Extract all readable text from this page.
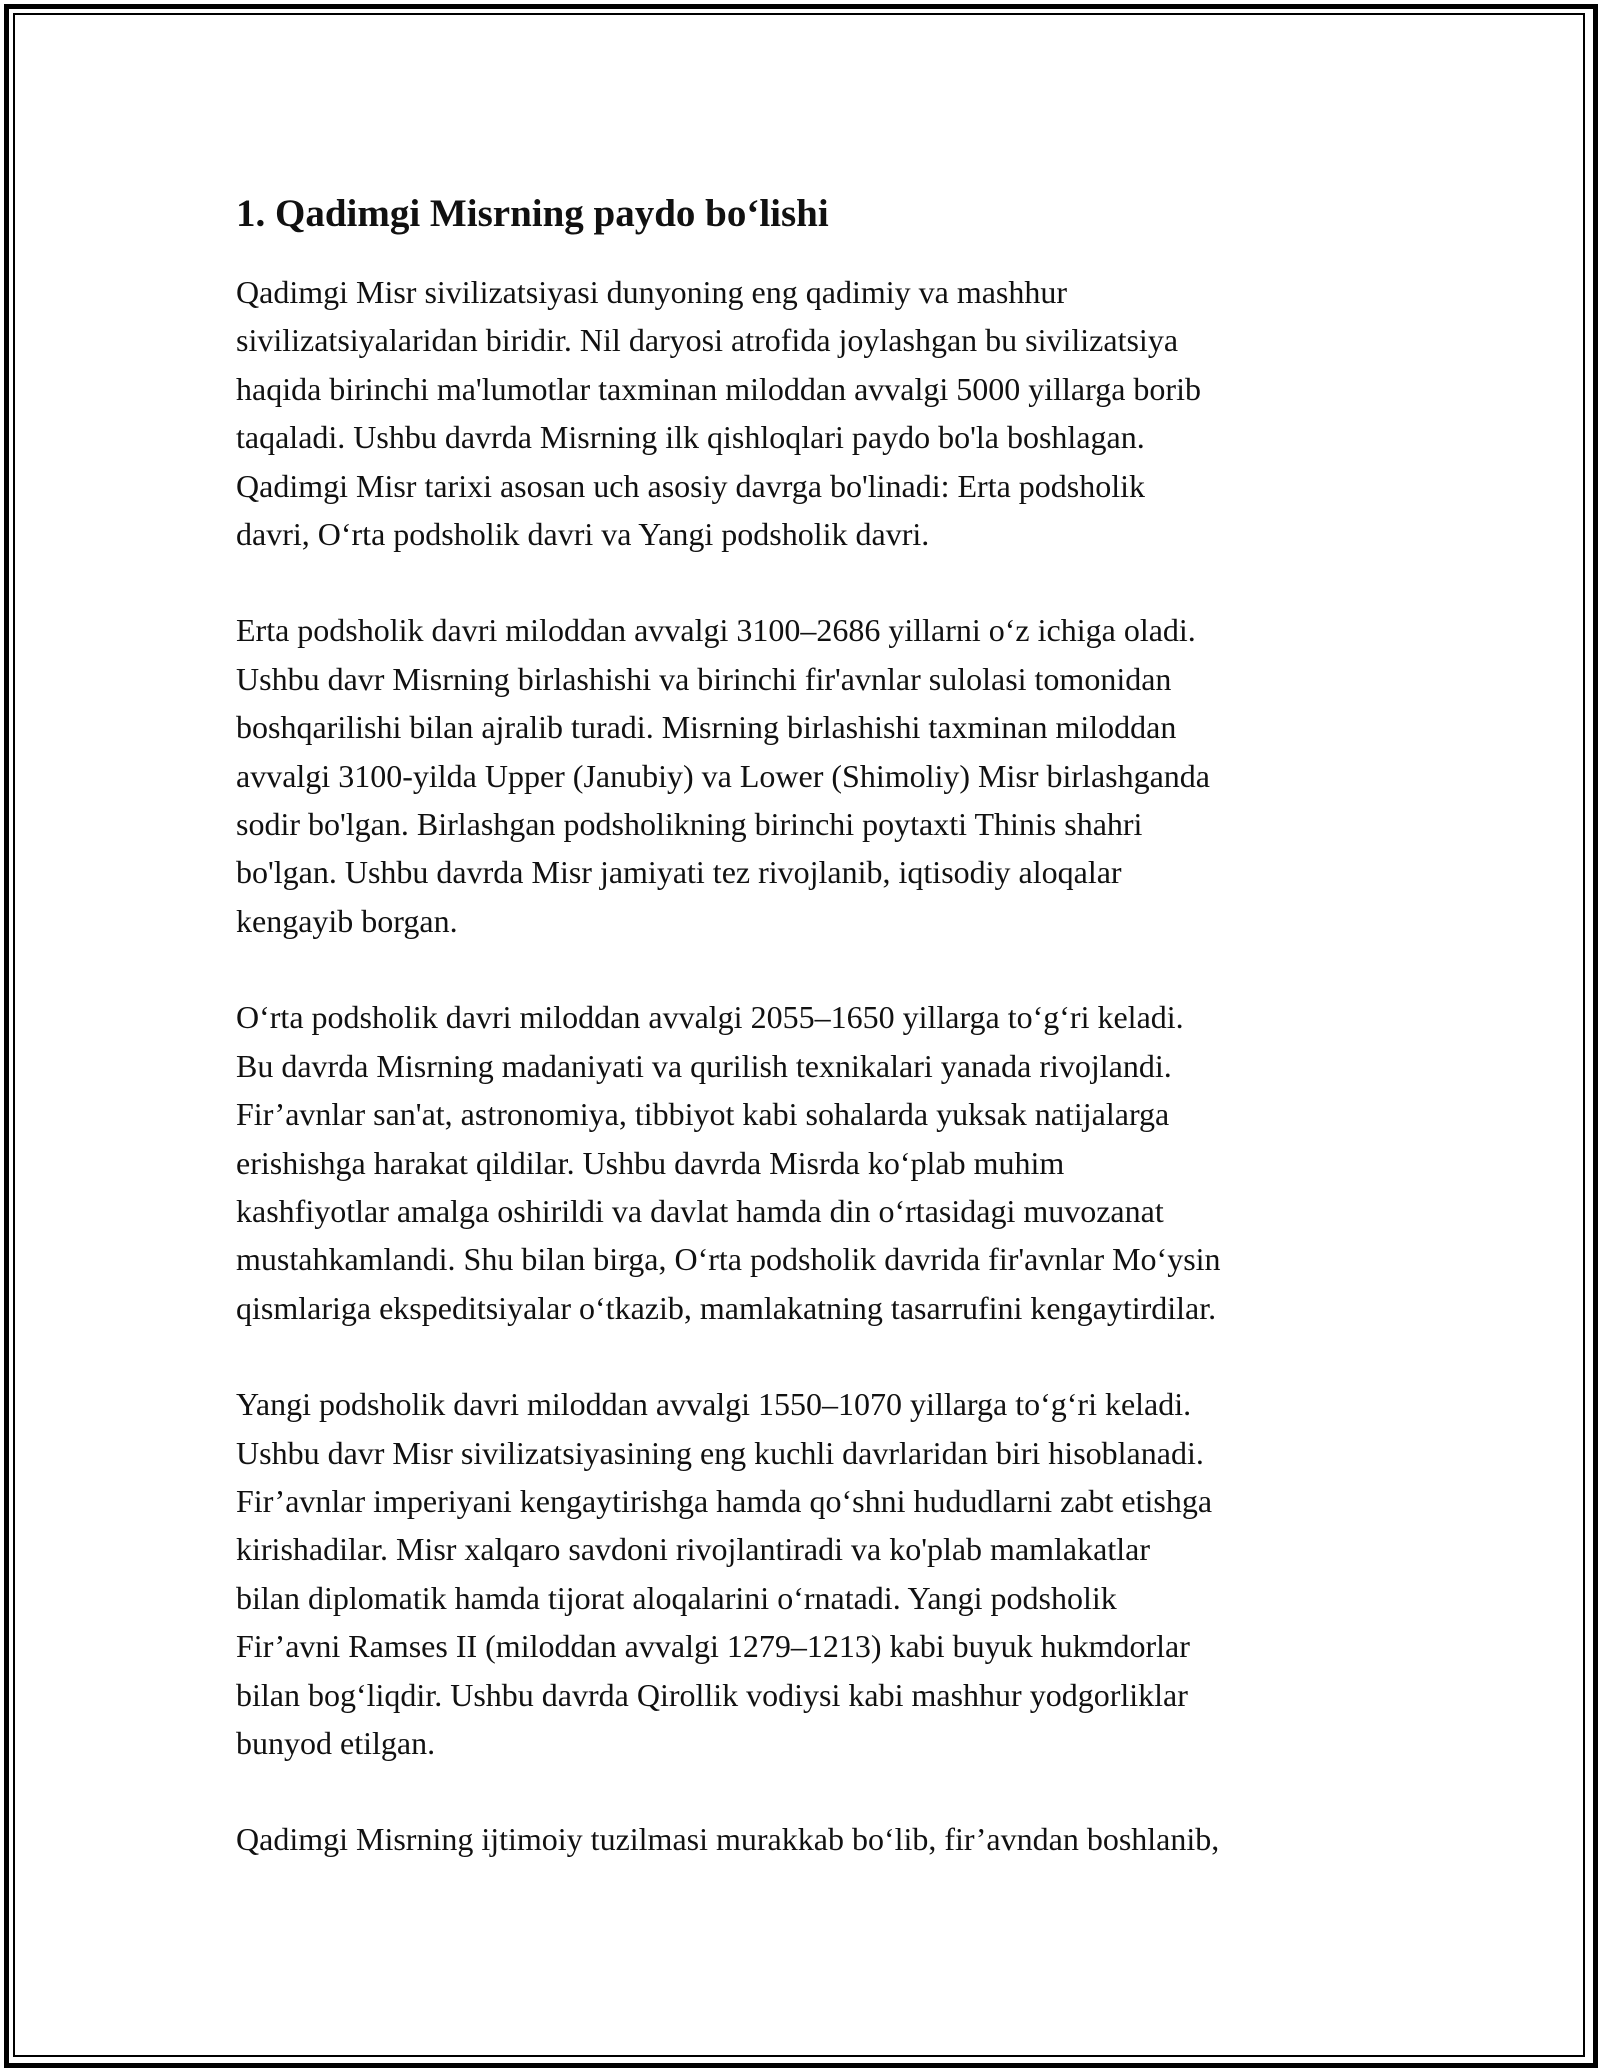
1. Qadimgi Misrning paydo bo‘lishi

Qadimgi Misr sivilizatsiyasi dunyoning eng qadimiy va mashhur
sivilizatsiyalaridan biridir. Nil daryosi atrofida joylashgan bu sivilizatsiya
haqida birinchi ma'lumotlar taxminan miloddan avvalgi 5000 yillarga borib
taqaladi. Ushbu davrda Misrning ilk qishloqlari paydo bo'la boshlagan.
Qadimgi Misr tarixi asosan uch asosiy davrga bo'linadi: Erta podsholik
davri, O‘rta podsholik davri va Yangi podsholik davri.

Erta podsholik davri miloddan avvalgi 3100–2686 yillarni o‘z ichiga oladi.
Ushbu davr Misrning birlashishi va birinchi fir'avnlar sulolasi tomonidan
boshqarilishi bilan ajralib turadi. Misrning birlashishi taxminan miloddan
avvalgi 3100-yilda Upper (Janubiy) va Lower (Shimoliy) Misr birlashganda
sodir bo'lgan. Birlashgan podsholikning birinchi poytaxti Thinis shahri
bo'lgan. Ushbu davrda Misr jamiyati tez rivojlanib, iqtisodiy aloqalar
kengayib borgan.

O‘rta podsholik davri miloddan avvalgi 2055–1650 yillarga to‘g‘ri keladi.
Bu davrda Misrning madaniyati va qurilish texnikalari yanada rivojlandi.
Fir’avnlar san'at, astronomiya, tibbiyot kabi sohalarda yuksak natijalarga
erishishga harakat qildilar. Ushbu davrda Misrda ko‘plab muhim
kashfiyotlar amalga oshirildi va davlat hamda din o‘rtasidagi muvozanat
mustahkamlandi. Shu bilan birga, O‘rta podsholik davrida fir'avnlar Mo‘ysin
qismlariga ekspeditsiyalar o‘tkazib, mamlakatning tasarrufini kengaytirdilar.

Yangi podsholik davri miloddan avvalgi 1550–1070 yillarga to‘g‘ri keladi.
Ushbu davr Misr sivilizatsiyasining eng kuchli davrlaridan biri hisoblanadi.
Fir’avnlar imperiyani kengaytirishga hamda qo‘shni hududlarni zabt etishga
kirishadilar. Misr xalqaro savdoni rivojlantiradi va ko'plab mamlakatlar
bilan diplomatik hamda tijorat aloqalarini o‘rnatadi. Yangi podsholik
Fir’avni Ramses II (miloddan avvalgi 1279–1213) kabi buyuk hukmdorlar
bilan bog‘liqdir. Ushbu davrda Qirollik vodiysi kabi mashhur yodgorliklar
bunyod etilgan.

Qadimgi Misrning ijtimoiy tuzilmasi murakkab bo‘lib, fir’avndan boshlanib,
